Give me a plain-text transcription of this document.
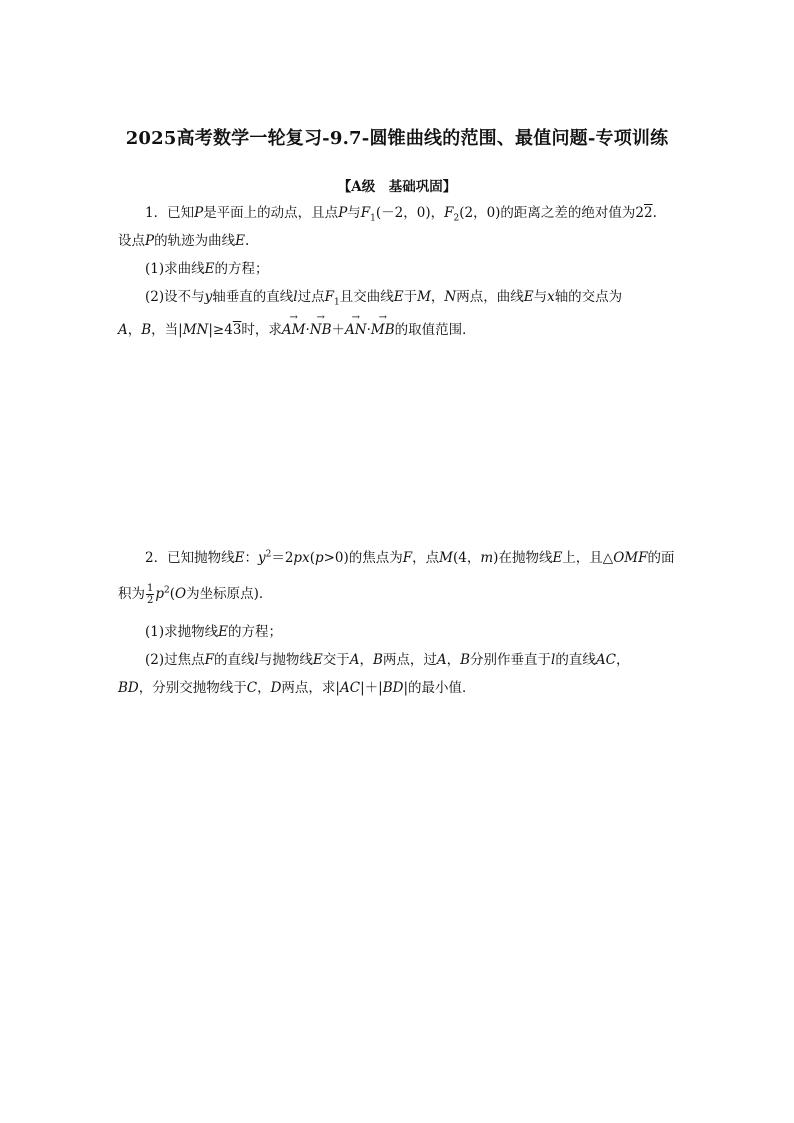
2025高考数学一轮复习-9.7-圆锥曲线的范围、最值问题-专项训练
【A级　基础巩固】
1．已知P是平面上的动点，且点P与$F_1(-2$，0)，$F_2(2$，0)的距离之差的绝对值为22.
设点P的轨迹为曲线E.
(1)求曲线E的方程；
(2)设不与y轴垂直的直线l过点$F_1$且交曲线E于M，N两点，曲线E与x轴的交点为
A，B，当|MN|≥43时，求→ AM·→ NB＋→ AN·→ MB的取值范围．
2．已知抛物线E：$y^2=2px(p>0)$的焦点为F，点M(4，m)在抛物线E上，且△OMF的面
积为 $\frac{1}{2} p^2(O$为坐标原点)．
(1)求抛物线E的方程；
(2)过焦点F的直线l与抛物线E交于A，B两点，过A，B分别作垂直于l的直线AC，
BD，分别交抛物线于C，D两点，求|AC|＋|BD|的最小值．
